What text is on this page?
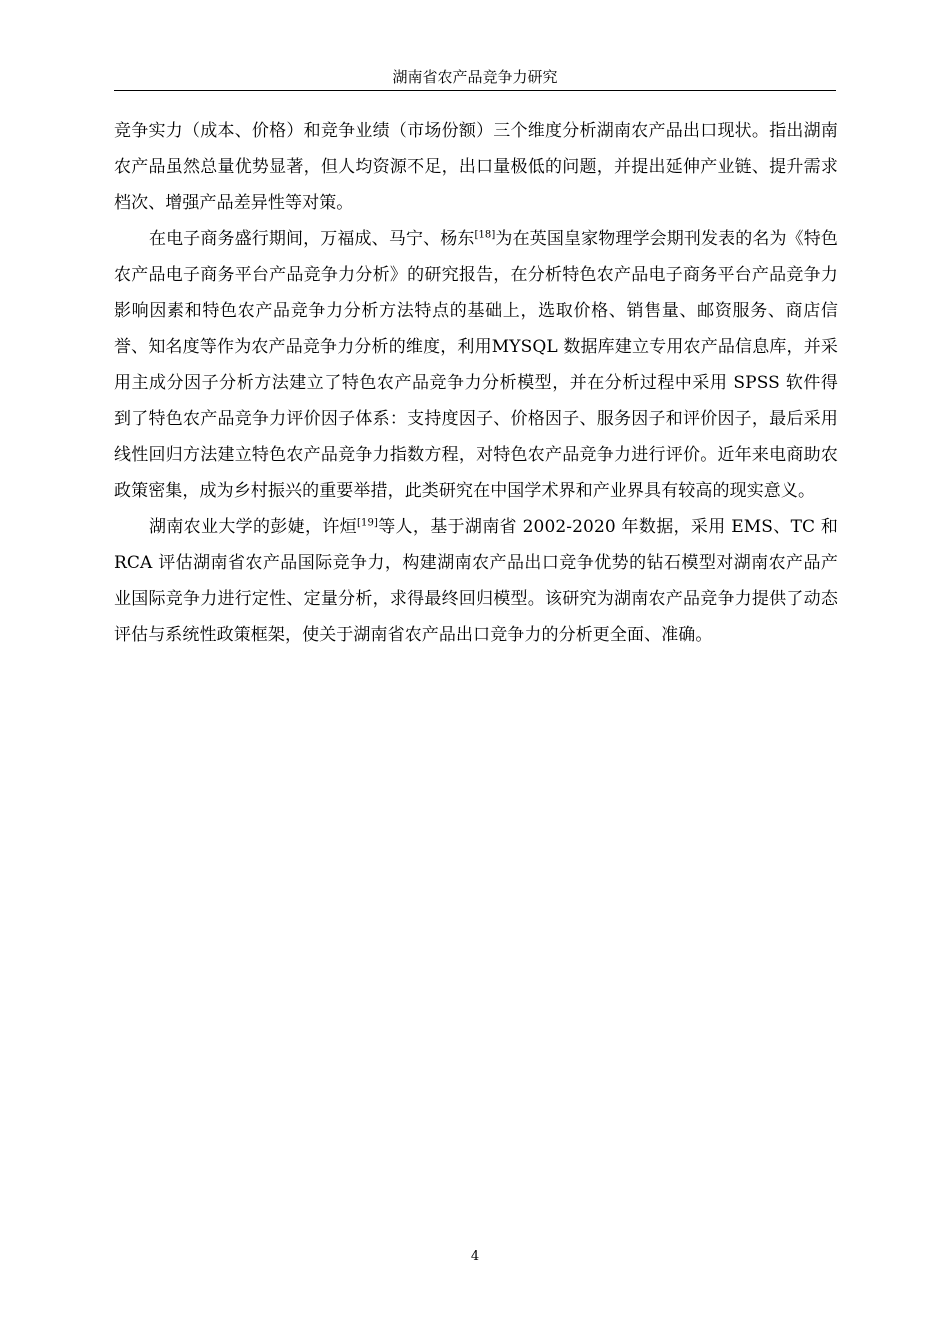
湖南省农产品竞争力研究

竞争实力（成本、价格）和竞争业绩（市场份额）三个维度分析湖南农产品出口现状。指出湖南农产品虽然总量优势显著，但人均资源不足，出口量极低的问题，并提出延伸产业链、提升需求档次、增强产品差异性等对策。

在电子商务盛行期间，万福成、马宁、杨东[18]为在英国皇家物理学会期刊发表的名为《特色农产品电子商务平台产品竞争力分析》的研究报告，在分析特色农产品电子商务平台产品竞争力影响因素和特色农产品竞争力分析方法特点的基础上，选取价格、销售量、邮资服务、商店信誉、知名度等作为农产品竞争力分析的维度，利用MYSQL 数据库建立专用农产品信息库，并采用主成分因子分析方法建立了特色农产品竞争力分析模型，并在分析过程中采用 SPSS 软件得到了特色农产品竞争力评价因子体系：支持度因子、价格因子、服务因子和评价因子，最后采用线性回归方法建立特色农产品竞争力指数方程，对特色农产品竞争力进行评价。近年来电商助农政策密集，成为乡村振兴的重要举措，此类研究在中国学术界和产业界具有较高的现实意义。

湖南农业大学的彭婕，许烜[19]等人，基于湖南省 2002-2020 年数据，采用 EMS、TC 和 RCA 评估湖南省农产品国际竞争力，构建湖南农产品出口竞争优势的钻石模型对湖南农产品产业国际竞争力进行定性、定量分析，求得最终回归模型。该研究为湖南农产品竞争力提供了动态评估与系统性政策框架，使关于湖南省农产品出口竞争力的分析更全面、准确。

4
